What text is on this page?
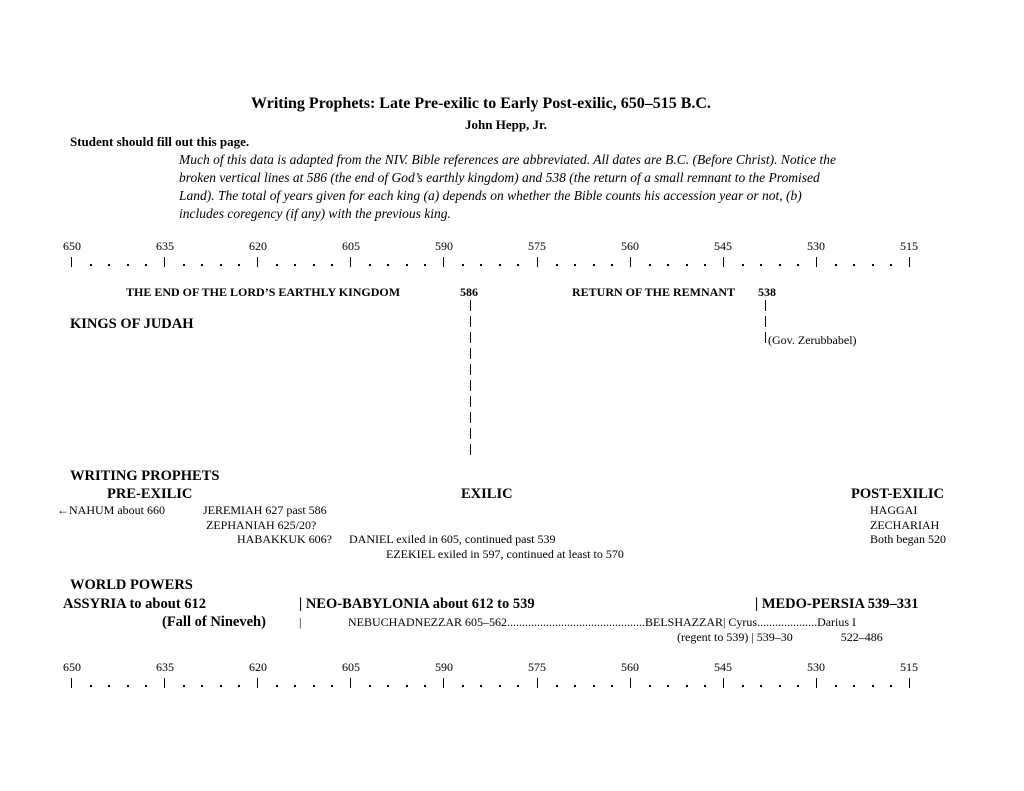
Writing Prophets: Late Pre-exilic to Early Post-exilic, 650–515 B.C.
John Hepp, Jr.
Student should fill out this page.
Much of this data is adapted from the NIV. Bible references are abbreviated. All dates are B.C. (Before Christ). Notice the broken vertical lines at 586 (the end of God’s earthly kingdom) and 538 (the return of a small remnant to the Promised Land). The total of years given for each king (a) depends on whether the Bible counts his accession year or not, (b) includes coregency (if any) with the previous king.
650	635	620	605	590	575	560	545	530	515
THE END OF THE LORD’S EARTHLY KINGDOM	586	RETURN OF THE REMNANT 538
(Gov. Zerubbabel)
KINGS OF JUDAH
WRITING PROPHETS
PRE-EXILIC	EXILIC	POST-EXILIC
←NAHUM about 660	JEREMIAH 627 past 586
ZEPHANIAH 625/20?
HABAKKUK 606? DANIEL exiled in 605, continued past 539
EZEKIEL exiled in 597, continued at least to 570
HAGGAI
ZECHARIAH
Both began 520
WORLD POWERS
ASSYRIA to about 612
(Fall of Nineveh)
| NEO-BABYLONIA about 612 to 539	| MEDO-PERSIA 539–331
|	NEBUCHADNEZZAR 605–562..............................................BELSHAZZAR| Cyrus....................Darius I
(regent to 539) | 539–30                522–486
650	635	620	605	590	575	560	545	530	515
